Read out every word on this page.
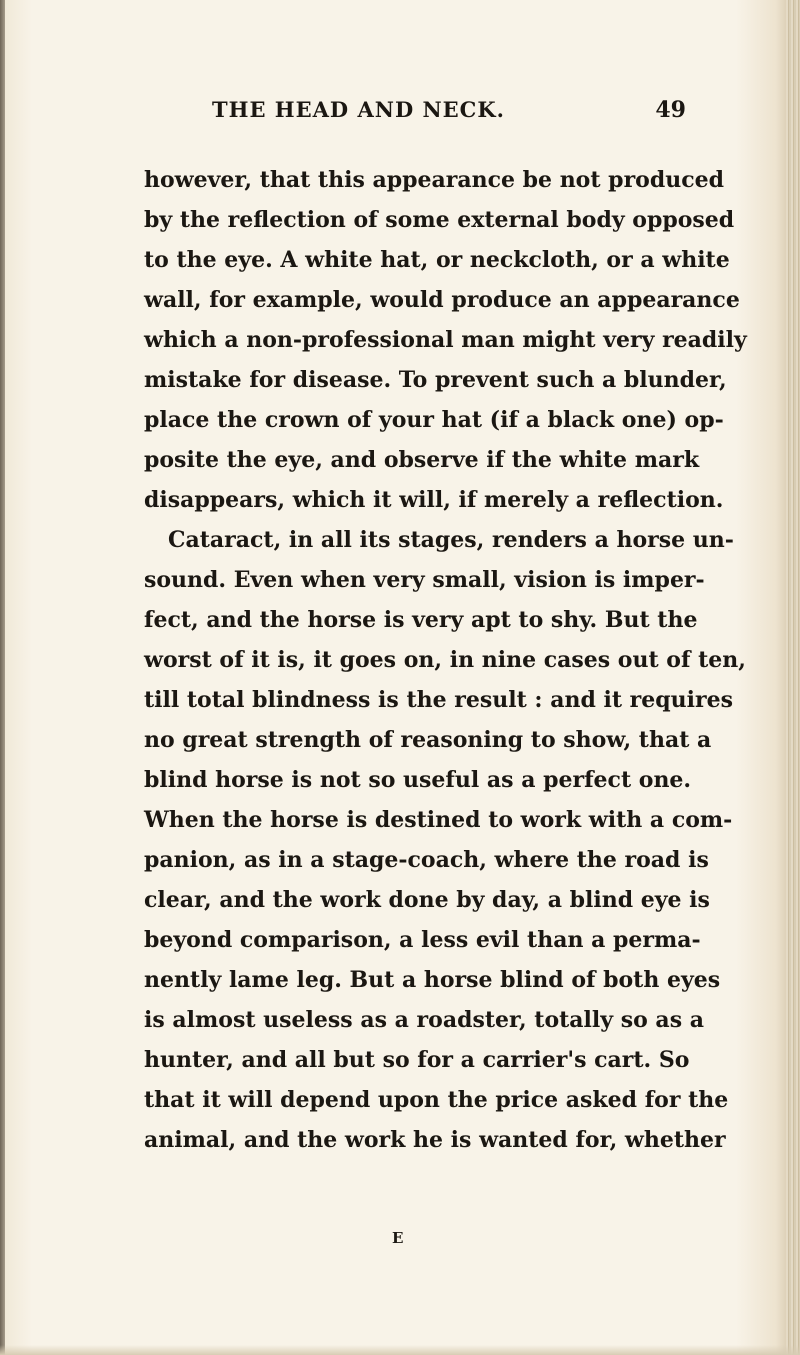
THE HEAD AND NECK.	49
however, that this appearance be not produced
by the reflection of some external body opposed
to the eye. A white hat, or neckcloth, or a white
wall, for example, would produce an appearance
which a non-professional man might very readily
mistake for disease. To prevent such a blunder,
place the crown of your hat (if a black one) op-
posite the eye, and observe if the white mark
disappears, which it will, if merely a reflection.
Cataract, in all its stages, renders a horse un-
sound. Even when very small, vision is imper-
fect, and the horse is very apt to shy. But the
worst of it is, it goes on, in nine cases out of ten,
till total blindness is the result : and it requires
no great strength of reasoning to show, that a
blind horse is not so useful as a perfect one.
When the horse is destined to work with a com-
panion, as in a stage-coach, where the road is
clear, and the work done by day, a blind eye is
beyond comparison, a less evil than a perma-
nently lame leg. But a horse blind of both eyes
is almost useless as a roadster, totally so as a
hunter, and all but so for a carrier's cart. So
that it will depend upon the price asked for the
animal, and the work he is wanted for, whether
E
